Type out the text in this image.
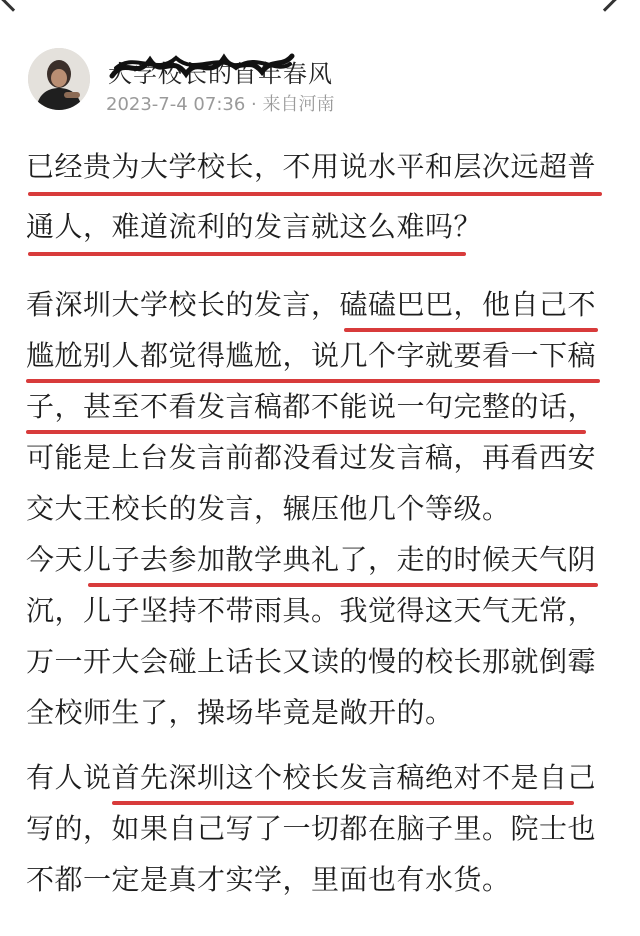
大学校长的首年春风
2023-7-4 07:36 · 来自河南
已经贵为大学校长，不用说水平和层次远超普
通人，难道流利的发言就这么难吗？
看深圳大学校长的发言，磕磕巴巴，他自己不
尴尬别人都觉得尴尬，说几个字就要看一下稿
子，甚至不看发言稿都不能说一句完整的话，
可能是上台发言前都没看过发言稿，再看西安
交大王校长的发言，辗压他几个等级。
今天儿子去参加散学典礼了，走的时候天气阴
沉，儿子坚持不带雨具。我觉得这天气无常，
万一开大会碰上话长又读的慢的校长那就倒霉
全校师生了，操场毕竟是敞开的。
有人说首先深圳这个校长发言稿绝对不是自己
写的，如果自己写了一切都在脑子里。院士也
不都一定是真才实学，里面也有水货。
